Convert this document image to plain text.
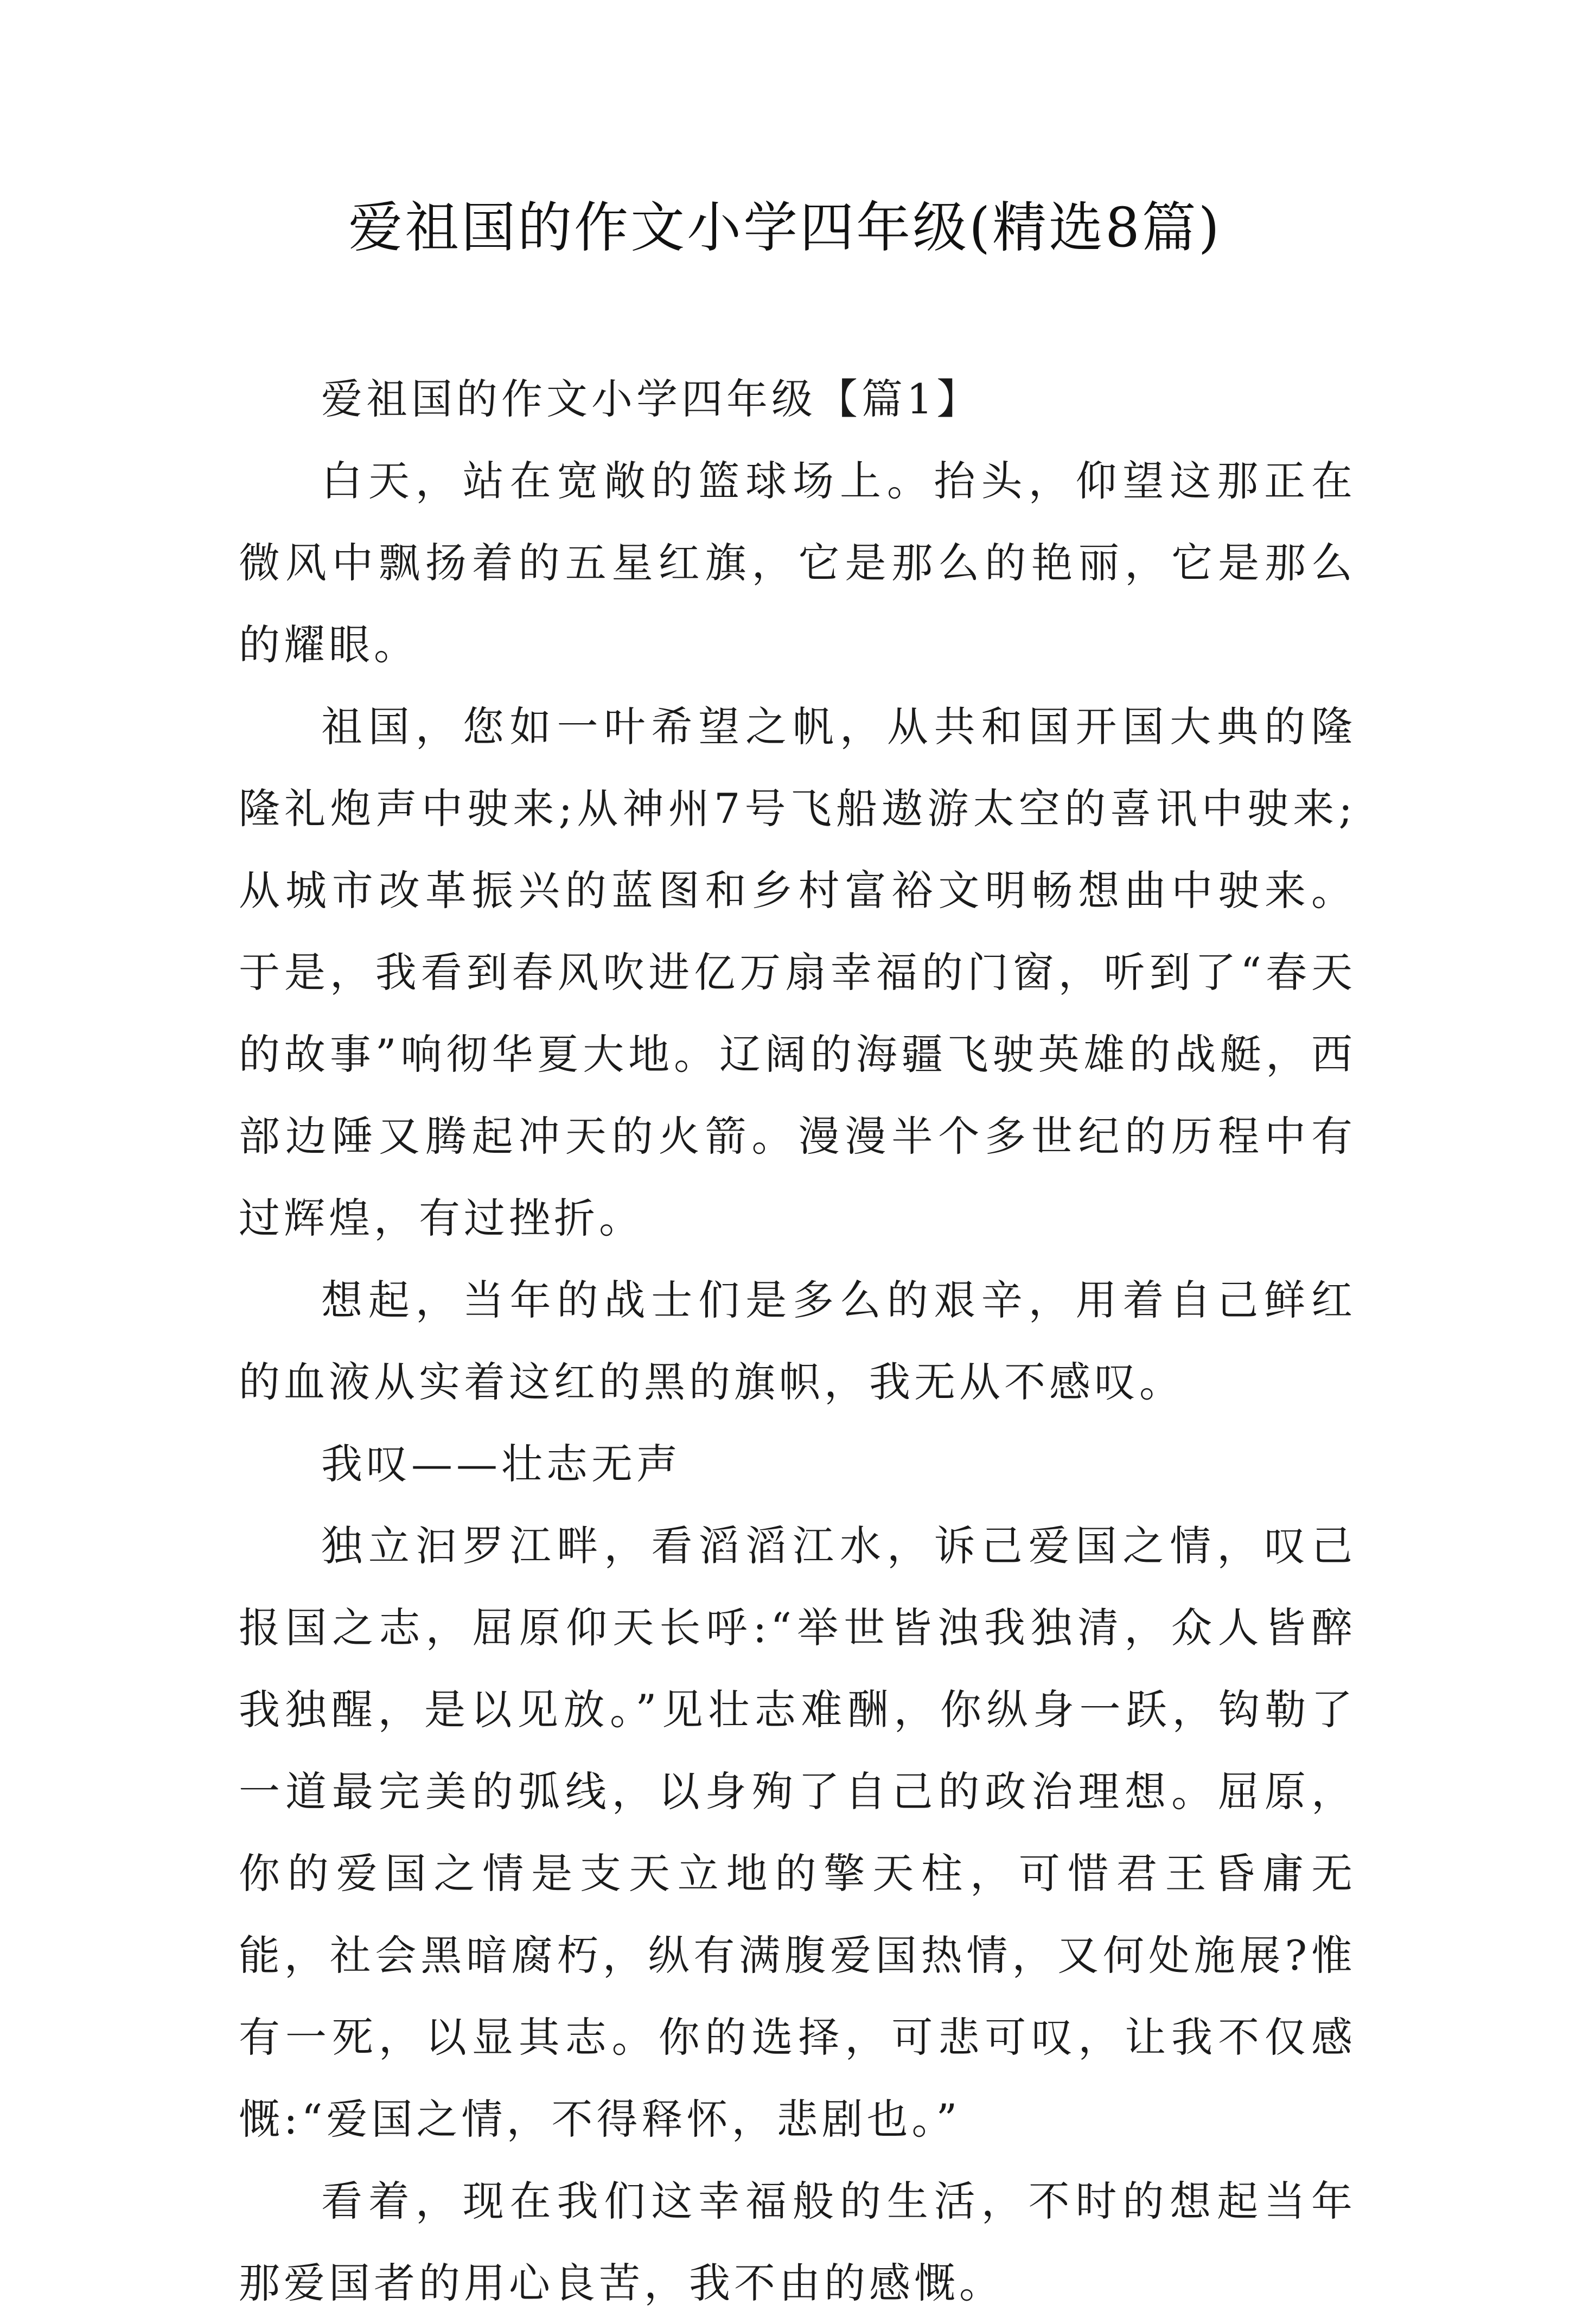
爱祖国的作文小学四年级(精选8篇)

爱祖国的作文小学四年级【篇1】

白天，站在宽敞的篮球场上。抬头，仰望这那正在微风中飘扬着的五星红旗，它是那么的艳丽，它是那么的耀眼。

祖国，您如一叶希望之帆，从共和国开国大典的隆隆礼炮声中驶来;从神州7号飞船遨游太空的喜讯中驶来;从城市改革振兴的蓝图和乡村富裕文明畅想曲中驶来。于是，我看到春风吹进亿万扇幸福的门窗，听到了“春天的故事”响彻华夏大地。辽阔的海疆飞驶英雄的战艇，西部边陲又腾起冲天的火箭。漫漫半个多世纪的历程中有过辉煌，有过挫折。

想起，当年的战士们是多么的艰辛，用着自己鲜红的血液从实着这红的黑的旗帜，我无从不感叹。

我叹——壮志无声

独立汩罗江畔，看滔滔江水，诉己爱国之情，叹己报国之志，屈原仰天长呼:“举世皆浊我独清，众人皆醉我独醒，是以见放。”见壮志难酬，你纵身一跃，钩勒了一道最完美的弧线，以身殉了自己的政治理想。屈原，你的爱国之情是支天立地的擎天柱，可惜君王昏庸无能，社会黑暗腐朽，纵有满腹爱国热情，又何处施展?惟有一死，以显其志。你的选择，可悲可叹，让我不仅感慨:“爱国之情，不得释怀，悲剧也。”

看着，现在我们这幸福般的生活，不时的想起当年那爱国者的用心良苦，我不由的感慨。
